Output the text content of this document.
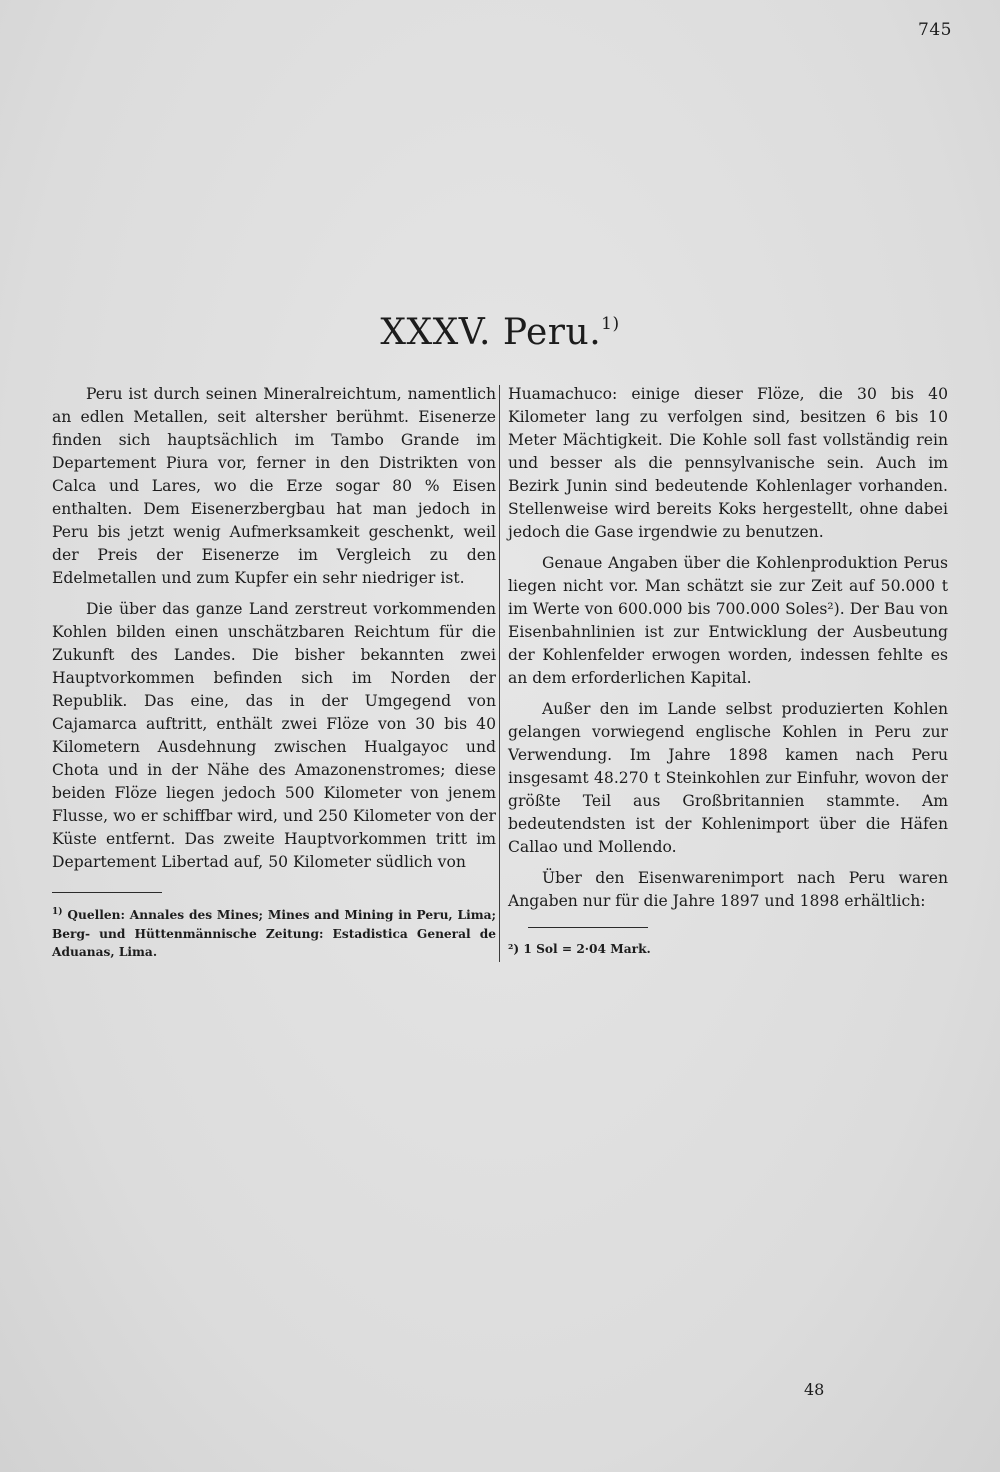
745
XXXV. Peru.$^{1)}$

Peru ist durch seinen Mineralreichtum, namentlich an edlen Metallen, seit altersher berühmt. Eisenerze finden sich hauptsächlich im Tambo Grande im Departement Piura vor, ferner in den Distrikten von Calca und Lares, wo die Erze sogar 80 % Eisen enthalten. Dem Eisenerzbergbau hat man jedoch in Peru bis jetzt wenig Aufmerksamkeit geschenkt, weil der Preis der Eisenerze im Vergleich zu den Edelmetallen und zum Kupfer ein sehr niedriger ist.

Die über das ganze Land zerstreut vorkommenden Kohlen bilden einen unschätzbaren Reichtum für die Zukunft des Landes. Die bisher bekannten zwei Hauptvorkommen befinden sich im Norden der Republik. Das eine, das in der Umgegend von Cajamarca auftritt, enthält zwei Flöze von 30 bis 40 Kilometern Ausdehnung zwischen Hualgayoc und Chota und in der Nähe des Amazonenstromes; diese beiden Flöze liegen jedoch 500 Kilometer von jenem Flusse, wo er schiffbar wird, und 250 Kilometer von der Küste entfernt. Das zweite Hauptvorkommen tritt im Departement Libertad auf, 50 Kilometer südlich von

$^{1)}$ Quellen: Annales des Mines; Mines and Mining in Peru, Lima; Berg- und Hüttenmännische Zeitung: Estadistica General de Aduanas, Lima.

Huamachuco: einige dieser Flöze, die 30 bis 40 Kilometer lang zu verfolgen sind, besitzen 6 bis 10 Meter Mächtigkeit. Die Kohle soll fast vollständig rein und besser als die pennsylvanische sein. Auch im Bezirk Junin sind bedeutende Kohlenlager vorhanden. Stellenweise wird bereits Koks hergestellt, ohne dabei jedoch die Gase irgendwie zu benutzen.

Genaue Angaben über die Kohlenproduktion Perus liegen nicht vor. Man schätzt sie zur Zeit auf 50.000 t im Werte von 600.000 bis 700.000 Soles²). Der Bau von Eisenbahnlinien ist zur Entwicklung der Ausbeutung der Kohlenfelder erwogen worden, indessen fehlte es an dem erforderlichen Kapital.

Außer den im Lande selbst produzierten Kohlen gelangen vorwiegend englische Kohlen in Peru zur Verwendung. Im Jahre 1898 kamen nach Peru insgesamt 48.270 t Steinkohlen zur Einfuhr, wovon der größte Teil aus Großbritannien stammte. Am bedeutendsten ist der Kohlenimport über die Häfen Callao und Mollendo.

Über den Eisenwarenimport nach Peru waren Angaben nur für die Jahre 1897 und 1898 erhältlich:

²) 1 Sol = 2·04 Mark.

48
